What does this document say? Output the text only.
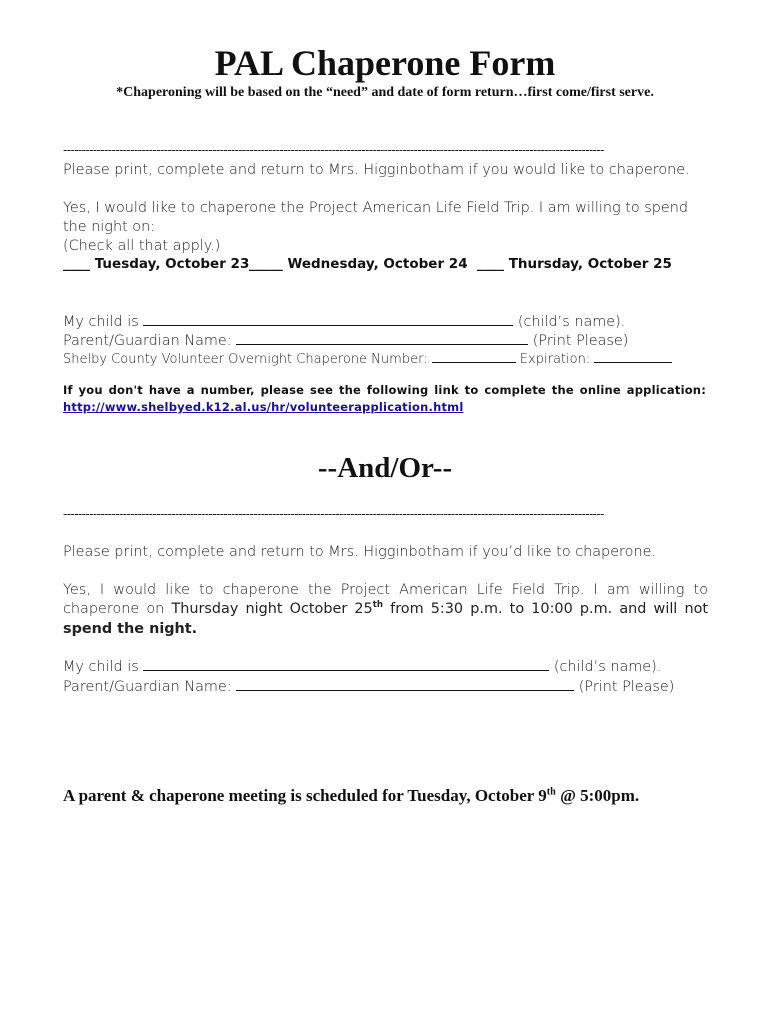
PAL Chaperone Form
*Chaperoning will be based on the “need” and date of form return…first come/first serve.
-------------------------------------------------------------------------------------------------------------------------------------------------
Please print, complete and return to Mrs. Higginbotham if you would like to chaperone.
Yes, I would like to chaperone the Project American Life Field Trip. I am willing to spend
the night on:
(Check all that apply.)
____ Tuesday, October 23 _____ Wednesday, October 24 ____ Thursday, October 25
My child is	(child’s name).
Parent/Guardian Name:	(Print Please)
Shelby County Volunteer Overnight Chaperone Number:	Expiration:
If you don't have a number, please see the following link to complete the online application:
http://www.shelbyed.k12.al.us/hr/volunteerapplication.html
--And/Or--
-------------------------------------------------------------------------------------------------------------------------------------------------
Please print, complete and return to Mrs. Higginbotham if you’d like to chaperone.
Yes, I would like to chaperone the Project American Life Field Trip. I am willing to
chaperone on Thursday night October 25th from 5:30 p.m. to 10:00 p.m. and will not
spend the night.
My child is	(child’s name).
Parent/Guardian Name:	(Print Please)
A parent & chaperone meeting is scheduled for Tuesday, October 9th @ 5:00pm.
